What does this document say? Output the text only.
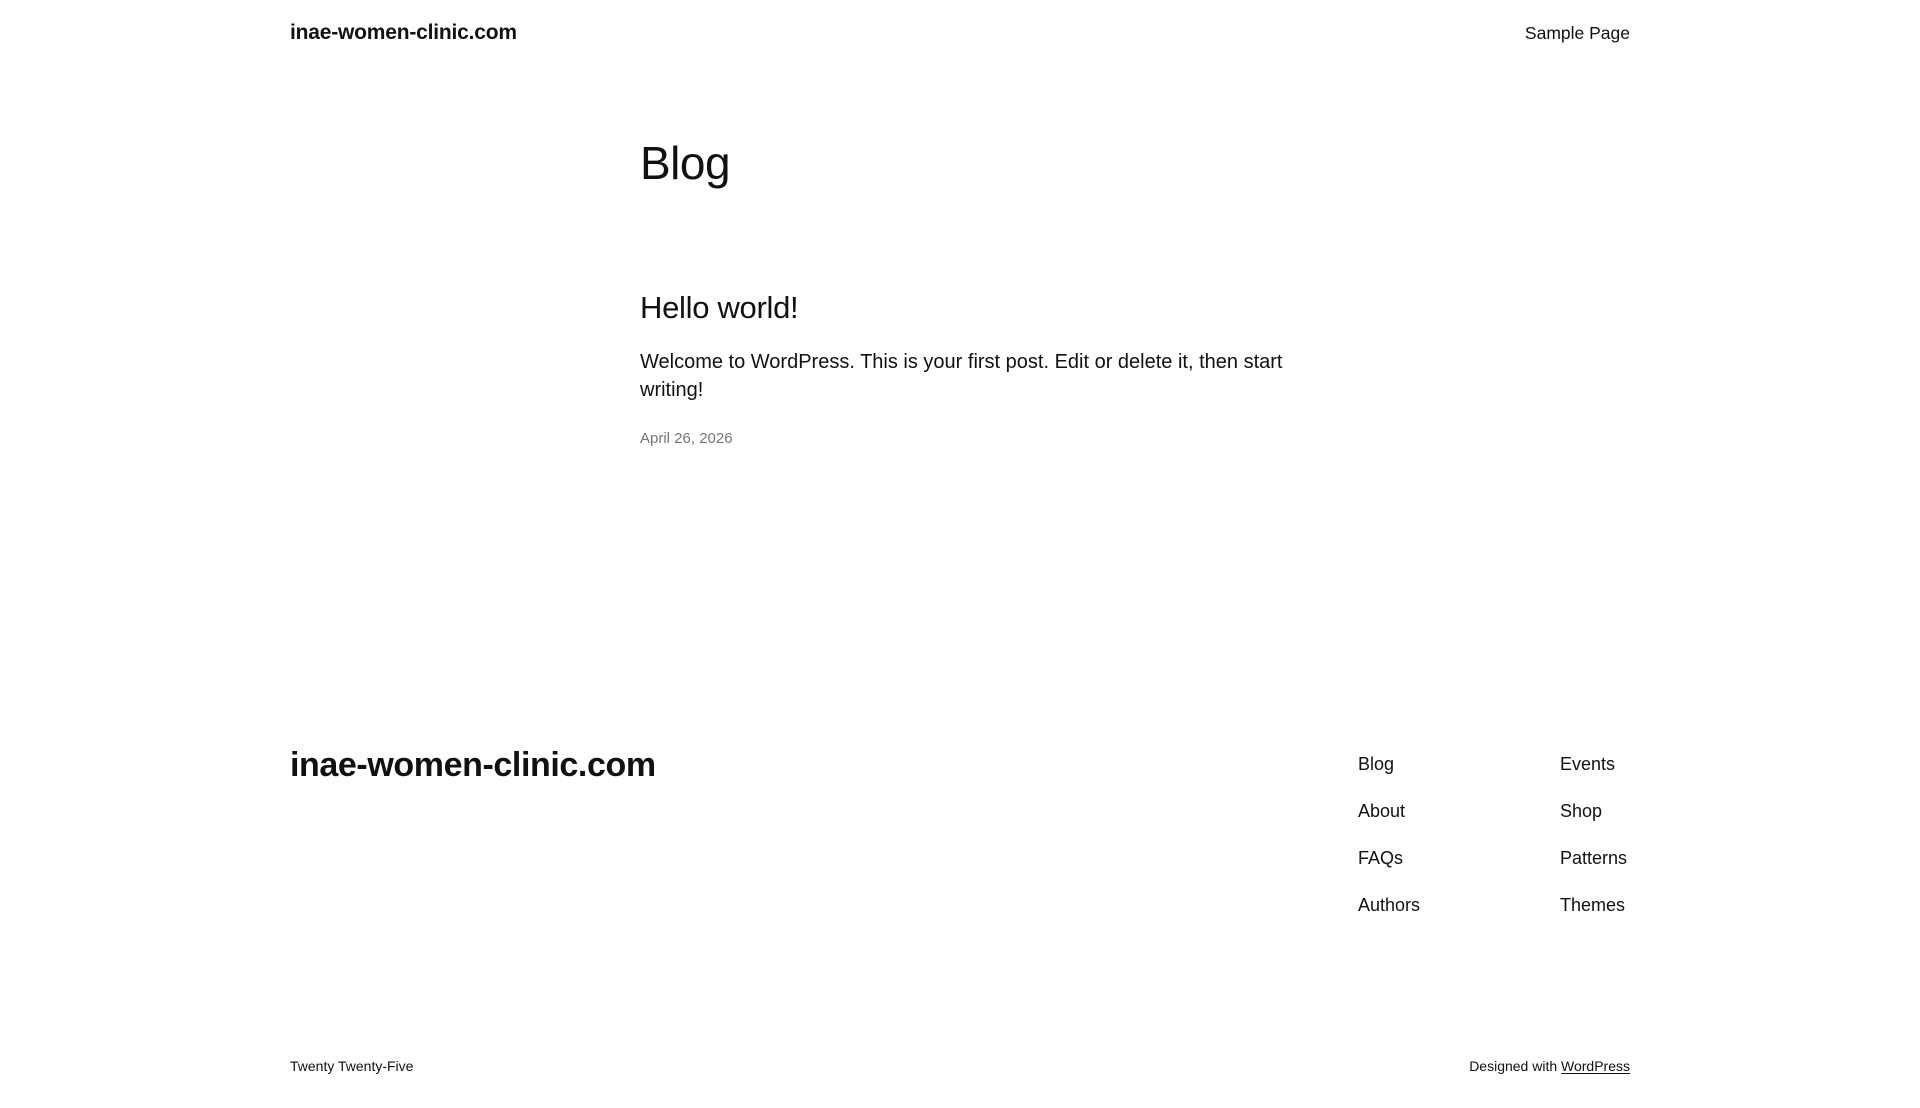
inae-women-clinic.com	Sample Page
Blog
Hello world!

Welcome to WordPress. This is your first post. Edit or delete it, then start writing!

April 26, 2026
inae-women-clinic.com	Blog
About
FAQs
Authors
Events
Shop
Patterns
Themes
Twenty Twenty-Five	Designed with WordPress
